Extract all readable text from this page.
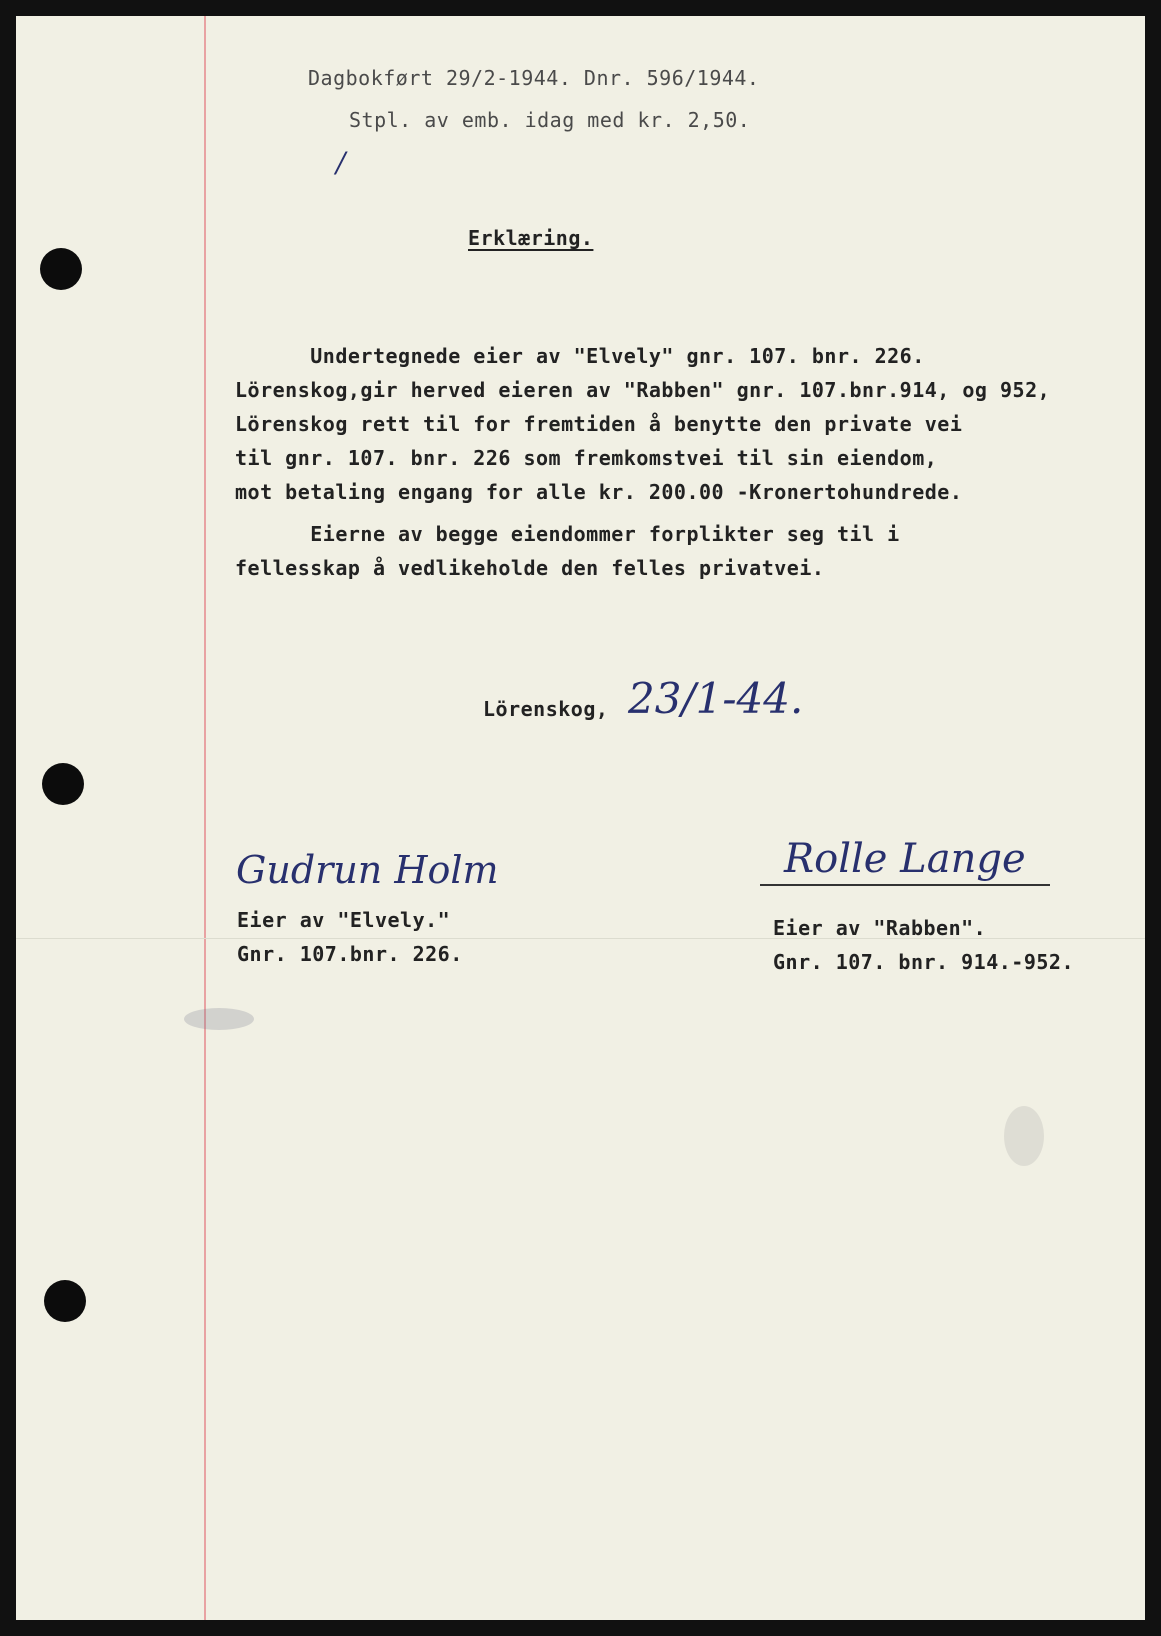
Dagbokført 29/2-1944. Dnr. 596/1944.
Stpl. av emb. idag med kr. 2,50.
/
Erklæring.
Undertegnede eier av "Elvely" gnr. 107. bnr. 226.
Lörenskog,gir herved eieren av "Rabben" gnr. 107.bnr.914, og 952,
Lörenskog rett til for fremtiden å benytte den private vei
til gnr. 107. bnr. 226 som fremkomstvei til sin eiendom,
mot betaling engang for alle kr. 200.00 -Kronertohundrede.
Eierne av begge eiendommer forplikter seg til i
fellesskap å vedlikeholde den felles privatvei.
Lörenskog, 23/1-44.
Gudrun Holm
Eier av "Elvely."
Gnr. 107.bnr. 226.
Rolle Lange
Eier av "Rabben".
Gnr. 107. bnr. 914.-952.
